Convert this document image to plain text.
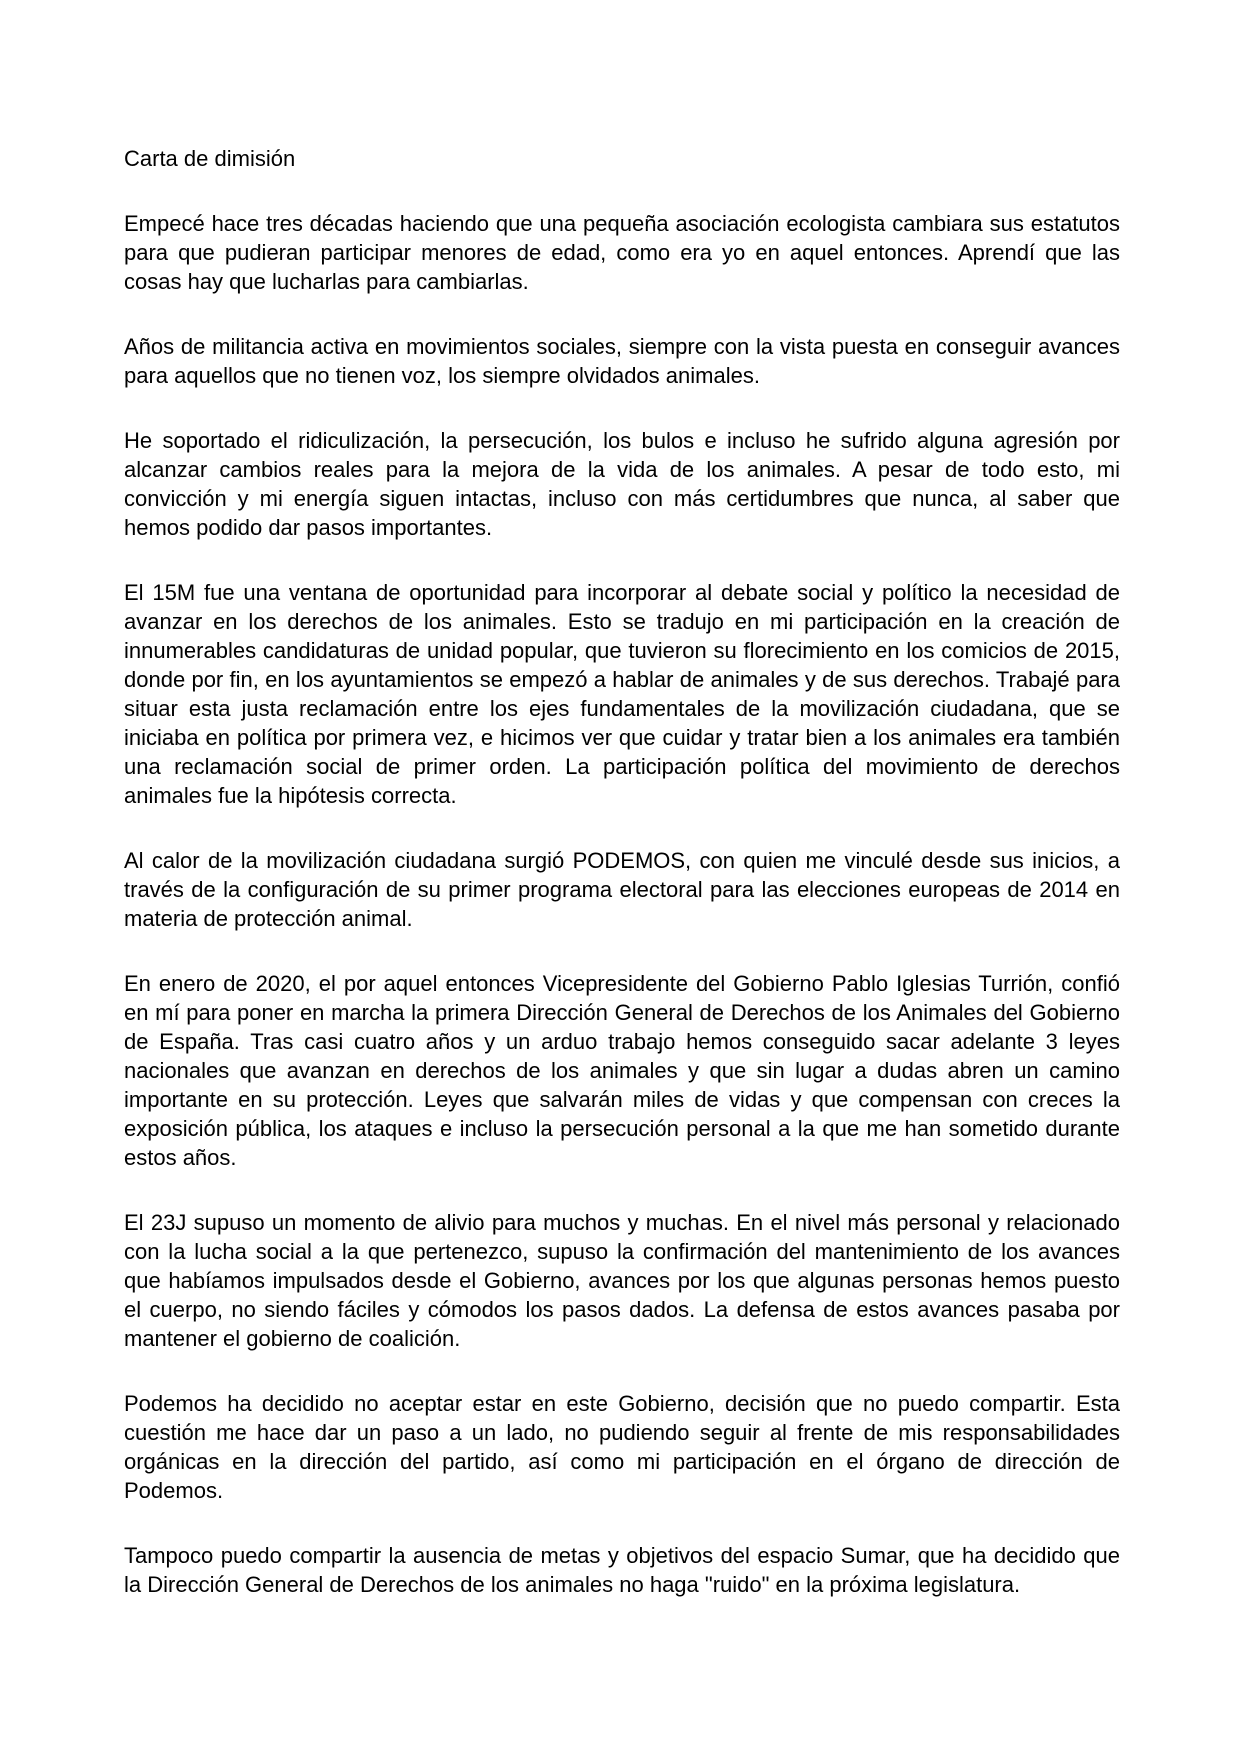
Carta de dimisión

Empecé hace tres décadas haciendo que una pequeña asociación ecologista cambiara sus estatutos para que pudieran participar menores de edad, como era yo en aquel entonces. Aprendí que las cosas hay que lucharlas para cambiarlas.

Años de militancia activa en movimientos sociales, siempre con la vista puesta en conseguir avances para aquellos que no tienen voz, los siempre olvidados animales.

He soportado el ridiculización, la persecución, los bulos e incluso he sufrido alguna agresión por alcanzar cambios reales para la mejora de la vida de los animales. A pesar de todo esto, mi convicción y mi energía siguen intactas, incluso con más certidumbres que nunca, al saber que hemos podido dar pasos importantes.

El 15M fue una ventana de oportunidad para incorporar al debate social y político la necesidad de avanzar en los derechos de los animales. Esto se tradujo en mi participación en la creación de innumerables candidaturas de unidad popular, que tuvieron su florecimiento en los comicios de 2015, donde por fin, en los ayuntamientos se empezó a hablar de animales y de sus derechos. Trabajé para situar esta justa reclamación entre los ejes fundamentales de la movilización ciudadana, que se iniciaba en política por primera vez, e hicimos ver que cuidar y tratar bien a los animales era también una reclamación social de primer orden. La participación política del movimiento de derechos animales fue la hipótesis correcta.

Al calor de la movilización ciudadana surgió PODEMOS, con quien me vinculé desde sus inicios, a través de la configuración de su primer programa electoral para las elecciones europeas de 2014 en materia de protección animal.

En enero de 2020, el por aquel entonces Vicepresidente del Gobierno Pablo Iglesias Turrión, confió en mí para poner en marcha la primera Dirección General de Derechos de los Animales del Gobierno de España. Tras casi cuatro años y un arduo trabajo hemos conseguido sacar adelante 3 leyes nacionales que avanzan en derechos de los animales y que sin lugar a dudas abren un camino importante en su protección. Leyes que salvarán miles de vidas y que compensan con creces la exposición pública, los ataques e incluso la persecución personal a la que me han sometido durante estos años.

El 23J supuso un momento de alivio para muchos y muchas. En el nivel más personal y relacionado con la lucha social a la que pertenezco, supuso la confirmación del mantenimiento de los avances que habíamos impulsados desde el Gobierno, avances por los que algunas personas hemos puesto el cuerpo, no siendo fáciles y cómodos los pasos dados. La defensa de estos avances pasaba por mantener el gobierno de coalición.

Podemos ha decidido no aceptar estar en este Gobierno, decisión que no puedo compartir. Esta cuestión me hace dar un paso a un lado, no pudiendo seguir al frente de mis responsabilidades orgánicas en la dirección del partido, así como mi participación en el órgano de dirección de Podemos.

Tampoco puedo compartir la ausencia de metas y objetivos del espacio Sumar, que ha decidido que la Dirección General de Derechos de los animales no haga "ruido" en la próxima legislatura.
